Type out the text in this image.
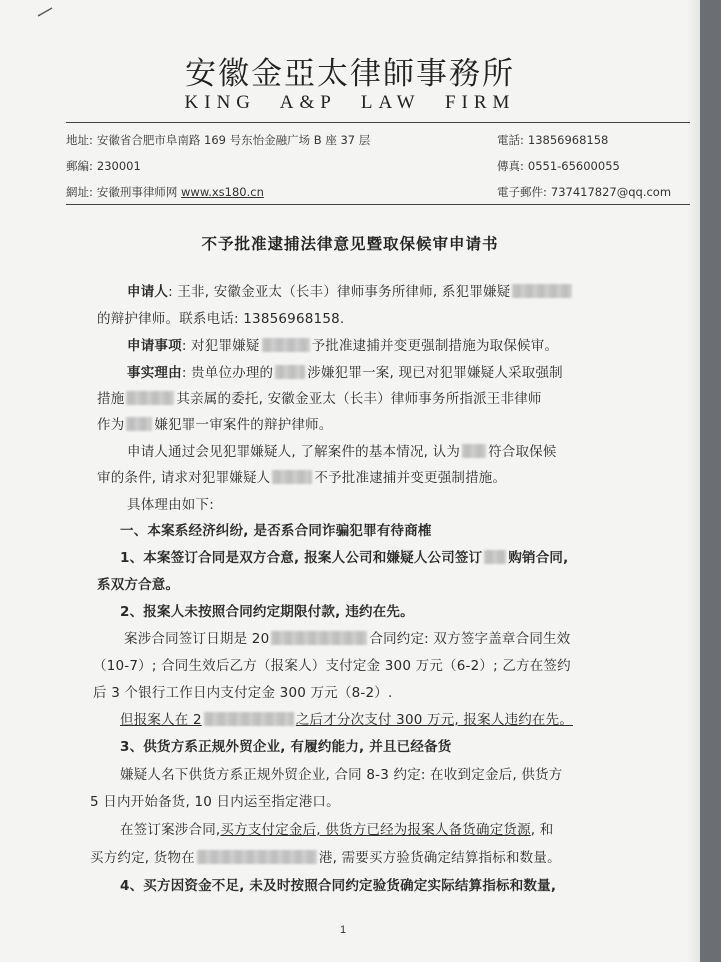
安徽金亞太律師事務所
KING A&P LAW FIRM
地址: 安徽省合肥市阜南路 169 号东怡金融广场 B 座 37 层	電話: 13856968158
郵編: 230001	傳真: 0551-65600055
網址: 安徽刑事律师网 www.xs180.cn	電子郵件: 737417827@qq.com
不予批准逮捕法律意见暨取保候审申请书
申请人: 王非, 安徽金亚太（长丰）律师事务所律师, 系犯罪嫌疑
的辩护律师。联系电话: 13856968158.
申请事项: 对犯罪嫌疑	予批准逮捕并变更强制措施为取保候审。
事实理由: 贵单位办理的	涉嫌犯罪一案, 现已对犯罪嫌疑人采取强制
措施	其亲属的委托, 安徽金亚太（长丰）律师事务所指派王非律师
作为 嫌犯罪一审案件的辩护律师。
申请人通过会见犯罪嫌疑人, 了解案件的基本情况, 认为 符合取保候
审的条件, 请求对犯罪嫌疑人	不予批准逮捕并变更强制措施。
具体理由如下:
一、本案系经济纠纷, 是否系合同诈骗犯罪有待商榷
1、本案签订合同是双方合意, 报案人公司和嫌疑人公司签订 购销合同,
系双方合意。
2、报案人未按照合同约定期限付款, 违约在先。
案涉合同签订日期是 20	合同约定: 双方签字盖章合同生效
（10-7）; 合同生效后乙方（报案人）支付定金 300 万元（6-2）; 乙方在签约
后 3 个银行工作日内支付定金 300 万元（8-2）.
但报案人在 2	之后才分次支付 300 万元, 报案人违约在先。
3、供货方系正规外贸企业, 有履约能力, 并且已经备货
嫌疑人名下供货方系正规外贸企业, 合同 8-3 约定: 在收到定金后, 供货方
5 日内开始备货, 10 日内运至指定港口。
在签订案涉合同,买方支付定金后, 供货方已经为报案人备货确定货源, 和
买方约定, 货物在	港, 需要买方验货确定结算指标和数量。
4、买方因资金不足, 未及时按照合同约定验货确定实际结算指标和数量,
1
